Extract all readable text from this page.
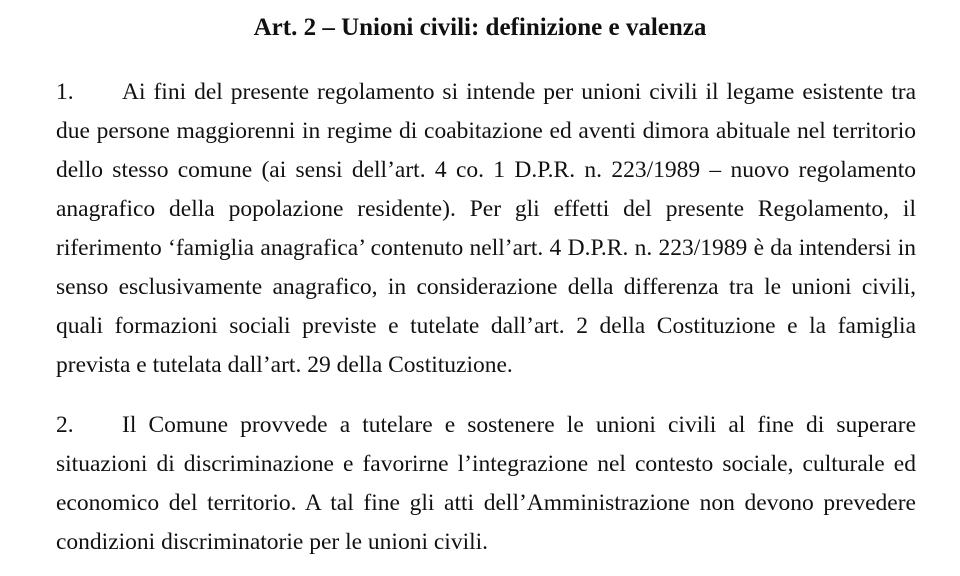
Art. 2 – Unioni civili: definizione e valenza

1. Ai fini del presente regolamento si intende per unioni civili il legame esistente tra due persone maggiorenni in regime di coabitazione ed aventi dimora abituale nel territorio dello stesso comune (ai sensi dell’art. 4 co. 1 D.P.R. n. 223/1989 – nuovo regolamento anagrafico della popolazione residente). Per gli effetti del presente Regolamento, il riferimento ‘famiglia anagrafica’ contenuto nell’art. 4 D.P.R. n. 223/1989 è da intendersi in senso esclusivamente anagrafico, in considerazione della differenza tra le unioni civili, quali formazioni sociali previste e tutelate dall’art. 2 della Costituzione e la famiglia prevista e tutelata dall’art. 29 della Costituzione.

2. Il Comune provvede a tutelare e sostenere le unioni civili al fine di superare situazioni di discriminazione e favorirne l’integrazione nel contesto sociale, culturale ed economico del territorio. A tal fine gli atti dell’Amministrazione non devono prevedere condizioni discriminatorie per le unioni civili.
